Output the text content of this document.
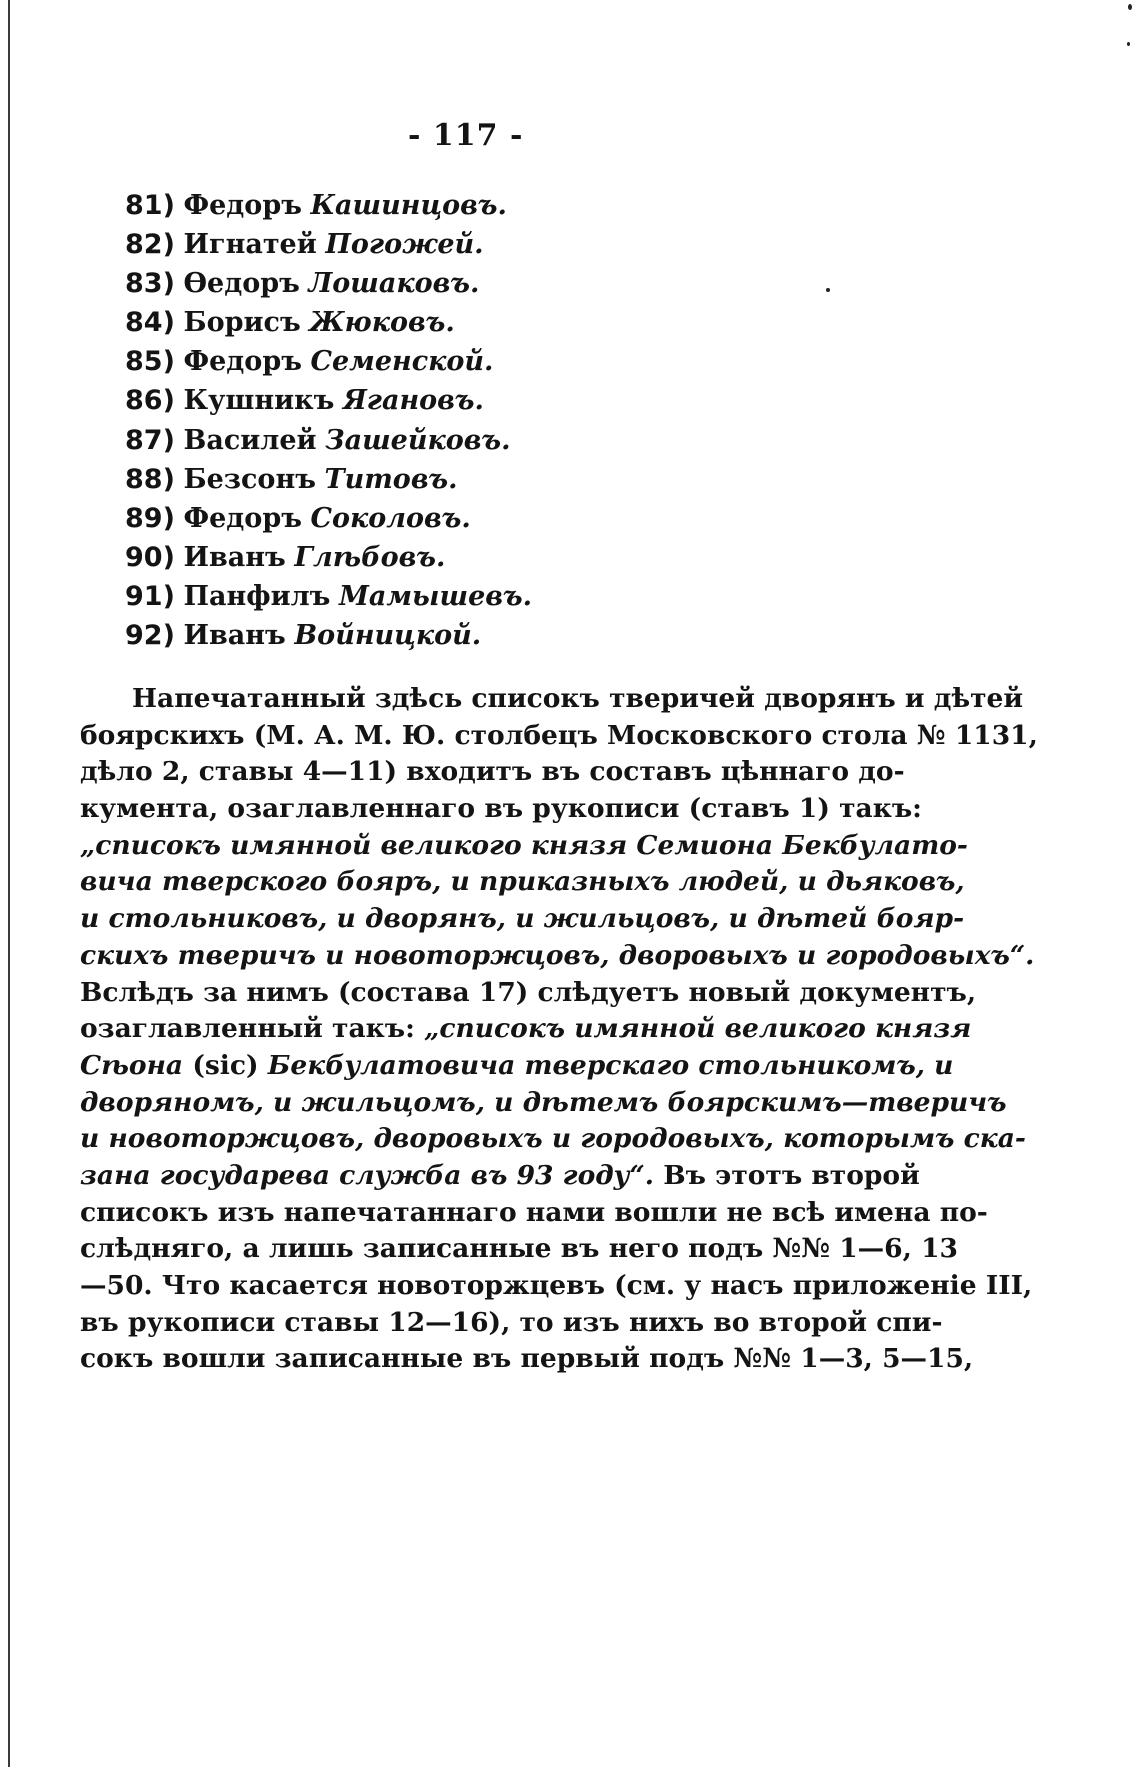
- 117 -
81) Федоръ Кашинцовъ.
82) Игнатей Погожей.
83) Өедоръ Лошаковъ.
84) Борисъ Жюковъ.
85) Федоръ Семенской.
86) Кушникъ Ягановъ.
87) Василей Зашейковъ.
88) Безсонъ Титовъ.
89) Федоръ Соколовъ.
90) Иванъ Глѣбовъ.
91) Панфилъ Мамышевъ.
92) Иванъ Войницкой.
Напечатанный здѣсь списокъ тверичей дворянъ и дѣтей
боярскихъ (М. А. М. Ю. столбецъ Московского стола № 1131,
дѣло 2, ставы 4—11) входитъ въ составъ цѣннаго до-
кумента, озаглавленнаго въ рукописи (ставъ 1) такъ:
„списокъ имянной великого князя Семиона Бекбулато-
вича тверского бояръ, и приказныхъ людей, и дьяковъ,
и стольниковъ, и дворянъ, и жильцовъ, и дѣтей бояр-
скихъ тверичъ и новоторжцовъ, дворовыхъ и городовыхъ“.
Вслѣдъ за нимъ (состава 17) слѣдуетъ новый документъ,
озаглавленный такъ: „списокъ имянной великого князя
Сѣона (sic) Бекбулатовича тверскаго стольникомъ, и
дворяномъ, и жильцомъ, и дѣтемъ боярскимъ—тверичъ
и новоторжцовъ, дворовыхъ и городовыхъ, которымъ ска-
зана государева служба въ 93 году“. Въ этотъ второй
списокъ изъ напечатаннаго нами вошли не всѣ имена по-
слѣдняго, а лишь записанные въ него подъ №№ 1—6, 13
—50. Что касается новоторжцевъ (см. у насъ приложеніе III,
въ рукописи ставы 12—16), то изъ нихъ во второй спи-
сокъ вошли записанные въ первый подъ №№ 1—3, 5—15,
